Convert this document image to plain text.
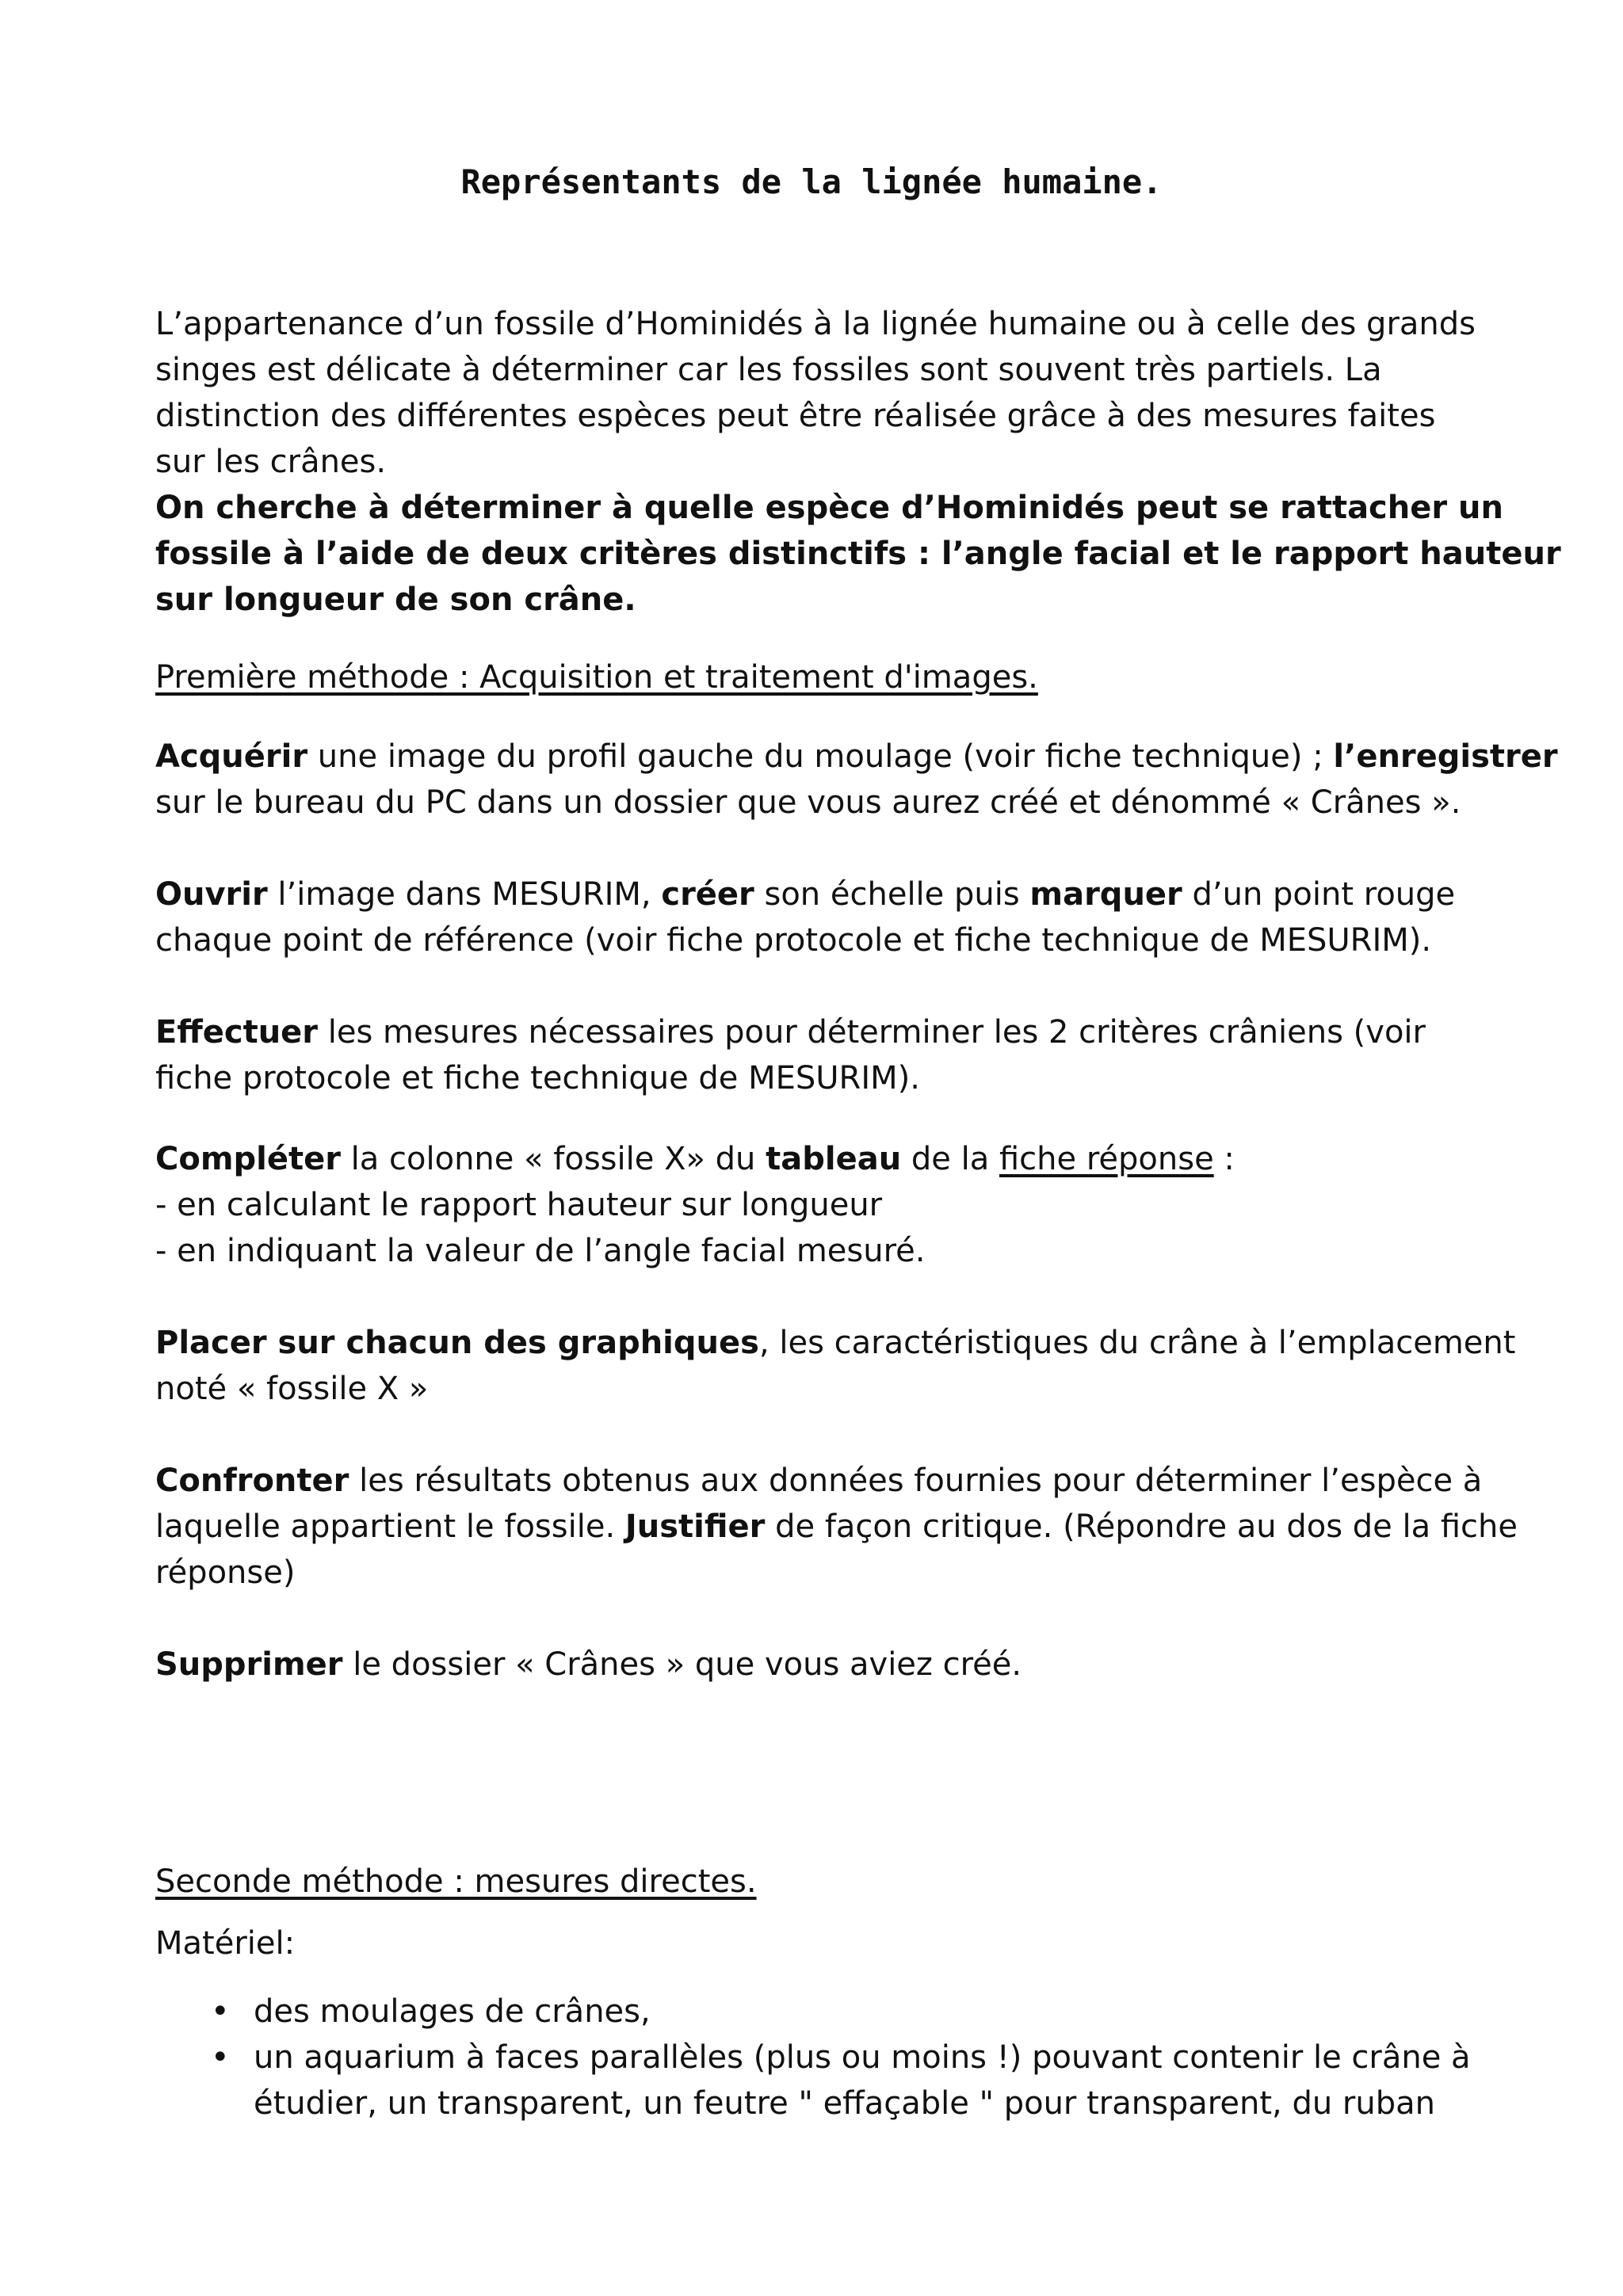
Représentants de la lignée humaine.
L’appartenance d’un fossile d’Hominidés à la lignée humaine ou à celle des grands
singes est délicate à déterminer car les fossiles sont souvent très partiels. La
distinction des différentes espèces peut être réalisée grâce à des mesures faites
sur les crânes.
On cherche à déterminer à quelle espèce d’Hominidés peut se rattacher un
fossile à l’aide de deux critères distinctifs : l’angle facial et le rapport hauteur
sur longueur de son crâne.
Première méthode : Acquisition et traitement d'images.
Acquérir une image du profil gauche du moulage (voir fiche technique) ; l’enregistrer
sur le bureau du PC dans un dossier que vous aurez créé et dénommé « Crânes ».
Ouvrir l’image dans MESURIM, créer son échelle puis marquer d’un point rouge
chaque point de référence (voir fiche protocole et fiche technique de MESURIM).
Effectuer les mesures nécessaires pour déterminer les 2 critères crâniens (voir
fiche protocole et fiche technique de MESURIM).
Compléter la colonne « fossile X» du tableau de la fiche réponse :
- en calculant le rapport hauteur sur longueur
- en indiquant la valeur de l’angle facial mesuré.
Placer sur chacun des graphiques, les caractéristiques du crâne à l’emplacement
noté « fossile X »
Confronter les résultats obtenus aux données fournies pour déterminer l’espèce à
laquelle appartient le fossile. Justifier de façon critique. (Répondre au dos de la fiche
réponse)
Supprimer le dossier « Crânes » que vous aviez créé.
Seconde méthode : mesures directes.
Matériel:
• des moulages de crânes,
• un aquarium à faces parallèles (plus ou moins !) pouvant contenir le crâne à
étudier, un transparent, un feutre " effaçable " pour transparent, du ruban
